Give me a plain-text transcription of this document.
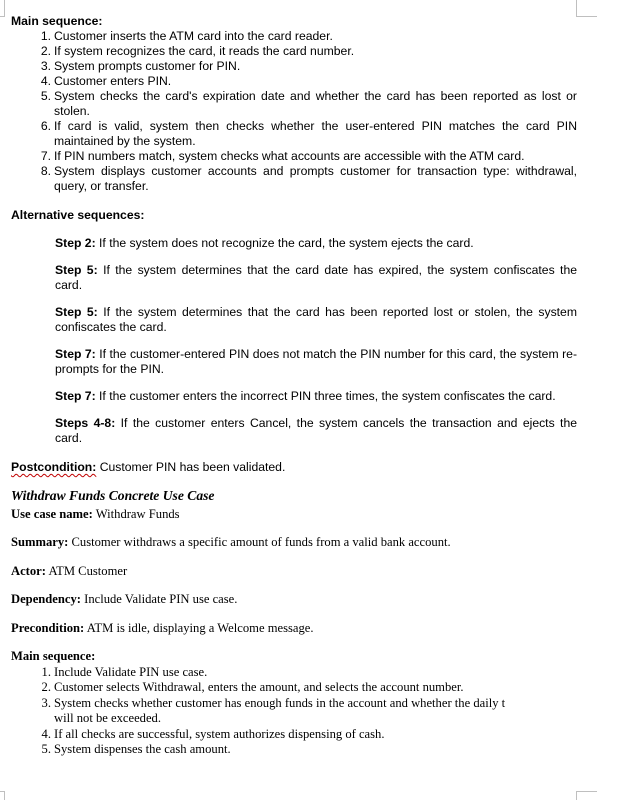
Main sequence:

1. Customer inserts the ATM card into the card reader.
2. If system recognizes the card, it reads the card number.
3. System prompts customer for PIN.
4. Customer enters PIN.
5. System checks the card's expiration date and whether the card has been reported as lost or stolen.
6. If card is valid, system then checks whether the user-entered PIN matches the card PIN maintained by the system.
7. If PIN numbers match, system checks what accounts are accessible with the ATM card.
8. System displays customer accounts and prompts customer for transaction type: withdrawal, query, or transfer.

Alternative sequences:

Step 2: If the system does not recognize the card, the system ejects the card.
Step 5: If the system determines that the card date has expired, the system confiscates the card.
Step 5: If the system determines that the card has been reported lost or stolen, the system confiscates the card.
Step 7: If the customer-entered PIN does not match the PIN number for this card, the system re-prompts for the PIN.
Step 7: If the customer enters the incorrect PIN three times, the system confiscates the card.
Steps 4-8: If the customer enters Cancel, the system cancels the transaction and ejects the card.

Postcondition: Customer PIN has been validated.

Withdraw Funds Concrete Use Case

Use case name: Withdraw Funds

Summary: Customer withdraws a specific amount of funds from a valid bank account.

Actor: ATM Customer

Dependency: Include Validate PIN use case.

Precondition: ATM is idle, displaying a Welcome message.

Main sequence:

1. Include Validate PIN use case.
2. Customer selects Withdrawal, enters the amount, and selects the account number.
3. System checks whether customer has enough funds in the account and whether the daily t
will not be exceeded.
4. If all checks are successful, system authorizes dispensing of cash.
5. System dispenses the cash amount.
